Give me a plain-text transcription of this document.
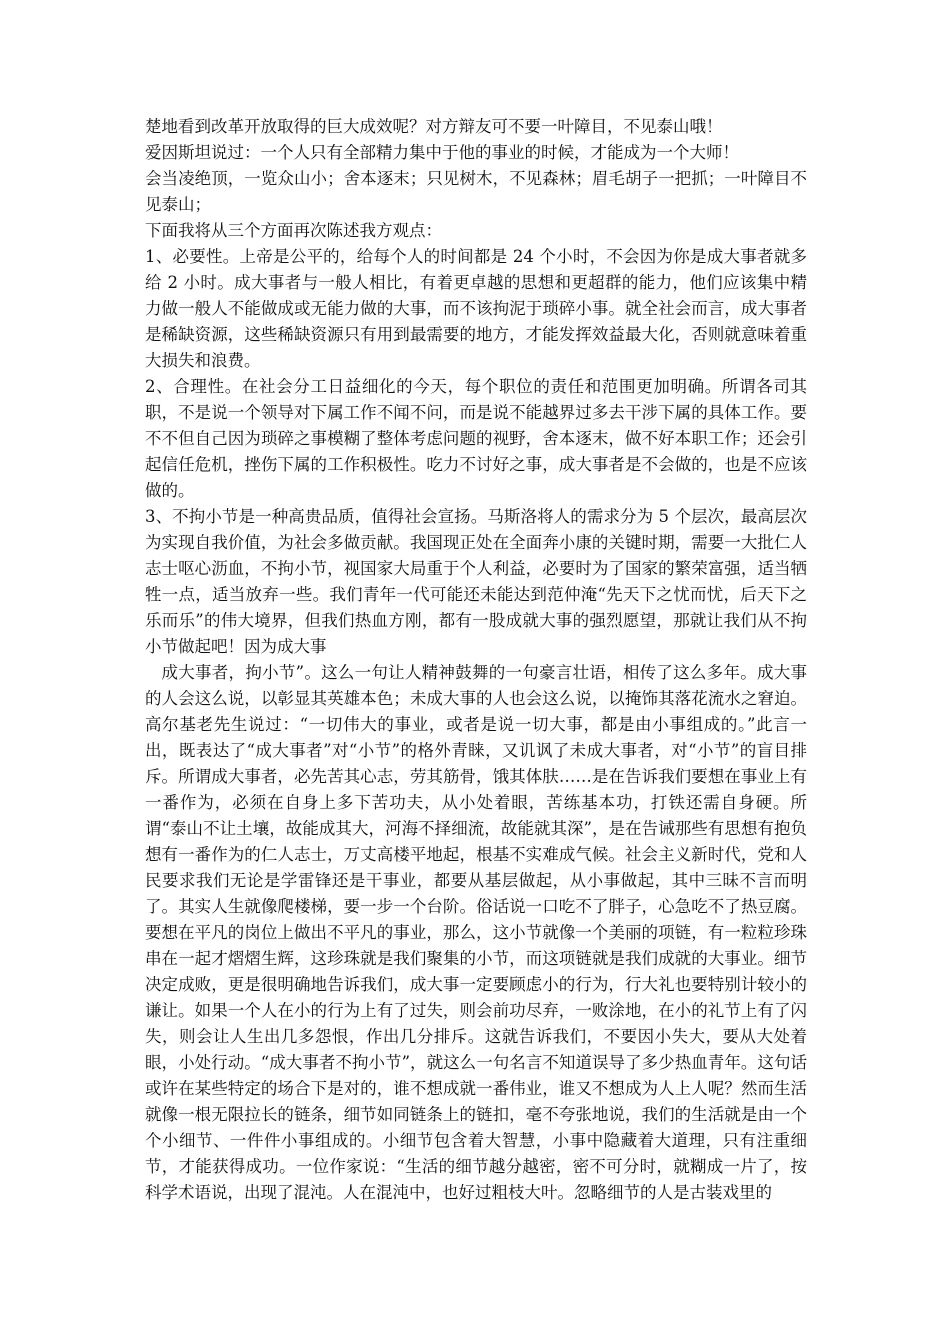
楚地看到改革开放取得的巨大成效呢？对方辩友可不要一叶障目，不见泰山哦！

爱因斯坦说过：一个人只有全部精力集中于他的事业的时候，才能成为一个大师！

会当凌绝顶，一览众山小；舍本逐末；只见树木，不见森林；眉毛胡子一把抓；一叶障目不见泰山；

下面我将从三个方面再次陈述我方观点：

1、必要性。上帝是公平的，给每个人的时间都是 24 个小时，不会因为你是成大事者就多给 2 小时。成大事者与一般人相比，有着更卓越的思想和更超群的能力，他们应该集中精力做一般人不能做成或无能力做的大事，而不该拘泥于琐碎小事。就全社会而言，成大事者是稀缺资源，这些稀缺资源只有用到最需要的地方，才能发挥效益最大化，否则就意味着重大损失和浪费。

2、合理性。在社会分工日益细化的今天，每个职位的责任和范围更加明确。所谓各司其职，不是说一个领导对下属工作不闻不问，而是说不能越界过多去干涉下属的具体工作。要不不但自己因为琐碎之事模糊了整体考虑问题的视野，舍本逐末，做不好本职工作；还会引起信任危机，挫伤下属的工作积极性。吃力不讨好之事，成大事者是不会做的，也是不应该做的。

3、不拘小节是一种高贵品质，值得社会宣扬。马斯洛将人的需求分为 5 个层次，最高层次为实现自我价值，为社会多做贡献。我国现正处在全面奔小康的关键时期，需要一大批仁人志士呕心沥血，不拘小节，视国家大局重于个人利益，必要时为了国家的繁荣富强，适当牺牲一点，适当放弃一些。我们青年一代可能还未能达到范仲淹“先天下之忧而忧，后天下之乐而乐”的伟大境界，但我们热血方刚，都有一股成就大事的强烈愿望，那就让我们从不拘小节做起吧！因为成大事

成大事者，拘小节”。这么一句让人精神鼓舞的一句豪言壮语，相传了这么多年。成大事的人会这么说，以彰显其英雄本色；未成大事的人也会这么说，以掩饰其落花流水之窘迫。高尔基老先生说过：“一切伟大的事业，或者是说一切大事，都是由小事组成的。”此言一出，既表达了“成大事者”对“小节”的格外青睐，又讥讽了未成大事者，对“小节”的盲目排斥。所谓成大事者，必先苦其心志，劳其筋骨，饿其体肤……是在告诉我们要想在事业上有一番作为，必须在自身上多下苦功夫，从小处着眼，苦练基本功，打铁还需自身硬。所谓“泰山不让土壤，故能成其大，河海不择细流，故能就其深”，是在告诫那些有思想有抱负想有一番作为的仁人志士，万丈高楼平地起，根基不实难成气候。社会主义新时代，党和人民要求我们无论是学雷锋还是干事业，都要从基层做起，从小事做起，其中三昧不言而明了。其实人生就像爬楼梯，要一步一个台阶。俗话说一口吃不了胖子，心急吃不了热豆腐。要想在平凡的岗位上做出不平凡的事业，那么，这小节就像一个美丽的项链，有一粒粒珍珠串在一起才熠熠生辉，这珍珠就是我们聚集的小节，而这项链就是我们成就的大事业。细节决定成败，更是很明确地告诉我们，成大事一定要顾虑小的行为，行大礼也要特别计较小的谦让。如果一个人在小的行为上有了过失，则会前功尽弃，一败涂地，在小的礼节上有了闪失，则会让人生出几多怨恨，作出几分排斥。这就告诉我们，不要因小失大，要从大处着眼，小处行动。“成大事者不拘小节”，就这么一句名言不知道误导了多少热血青年。这句话或许在某些特定的场合下是对的，谁不想成就一番伟业，谁又不想成为人上人呢？然而生活就像一根无限拉长的链条，细节如同链条上的链扣，毫不夸张地说，我们的生活就是由一个个小细节、一件件小事组成的。小细节包含着大智慧，小事中隐藏着大道理，只有注重细节，才能获得成功。一位作家说：“生活的细节越分越密，密不可分时，就糊成一片了，按科学术语说，出现了混沌。人在混沌中，也好过粗枝大叶。忽略细节的人是古装戏里的
